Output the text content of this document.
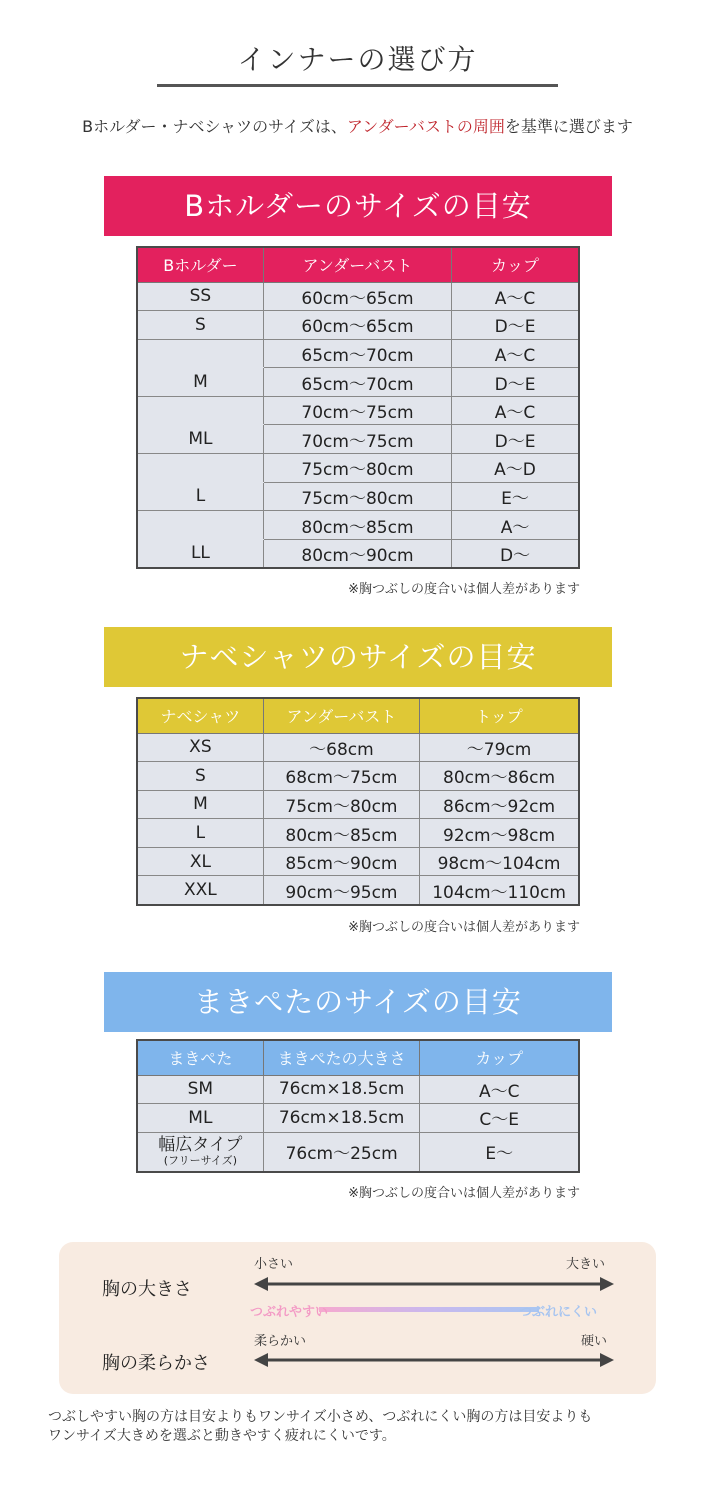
インナーの選び方
Bホルダー・ナベシャツのサイズは、アンダーバストの周囲を基準に選びます
Bホルダーのサイズの目安
Bホルダー	アンダーバスト	カップ
SS	60cm〜65cm	A〜C
S	60cm〜65cm	D〜E
	65cm〜70cm	A〜C
M	65cm〜70cm	D〜E
	70cm〜75cm	A〜C
ML	70cm〜75cm	D〜E
	75cm〜80cm	A〜D
L	75cm〜80cm	E〜
	80cm〜85cm	A〜
LL	80cm〜90cm	D〜
※胸つぶしの度合いは個人差があります
ナベシャツのサイズの目安
ナベシャツ	アンダーバスト	トップ
XS	〜68cm	〜79cm
S	68cm〜75cm	80cm〜86cm
M	75cm〜80cm	86cm〜92cm
L	80cm〜85cm	92cm〜98cm
XL	85cm〜90cm	98cm〜104cm
XXL	90cm〜95cm	104cm〜110cm
※胸つぶしの度合いは個人差があります
まきぺたのサイズの目安
まきぺた	まきぺたの大きさ	カップ
SM	76cm×18.5cm	A〜C
ML	76cm×18.5cm	C〜E

幅広タイプ
(フリーサイズ)	76cm〜25cm	E〜
※胸つぶしの度合いは個人差があります
胸の大きさ
小さい	大きい
つぶれやすい	つぶれにくい
胸の柔らかさ
柔らかい	硬い
つぶしやすい胸の方は目安よりもワンサイズ小さめ、つぶれにくい胸の方は目安よりも
ワンサイズ大きめを選ぶと動きやすく疲れにくいです。
